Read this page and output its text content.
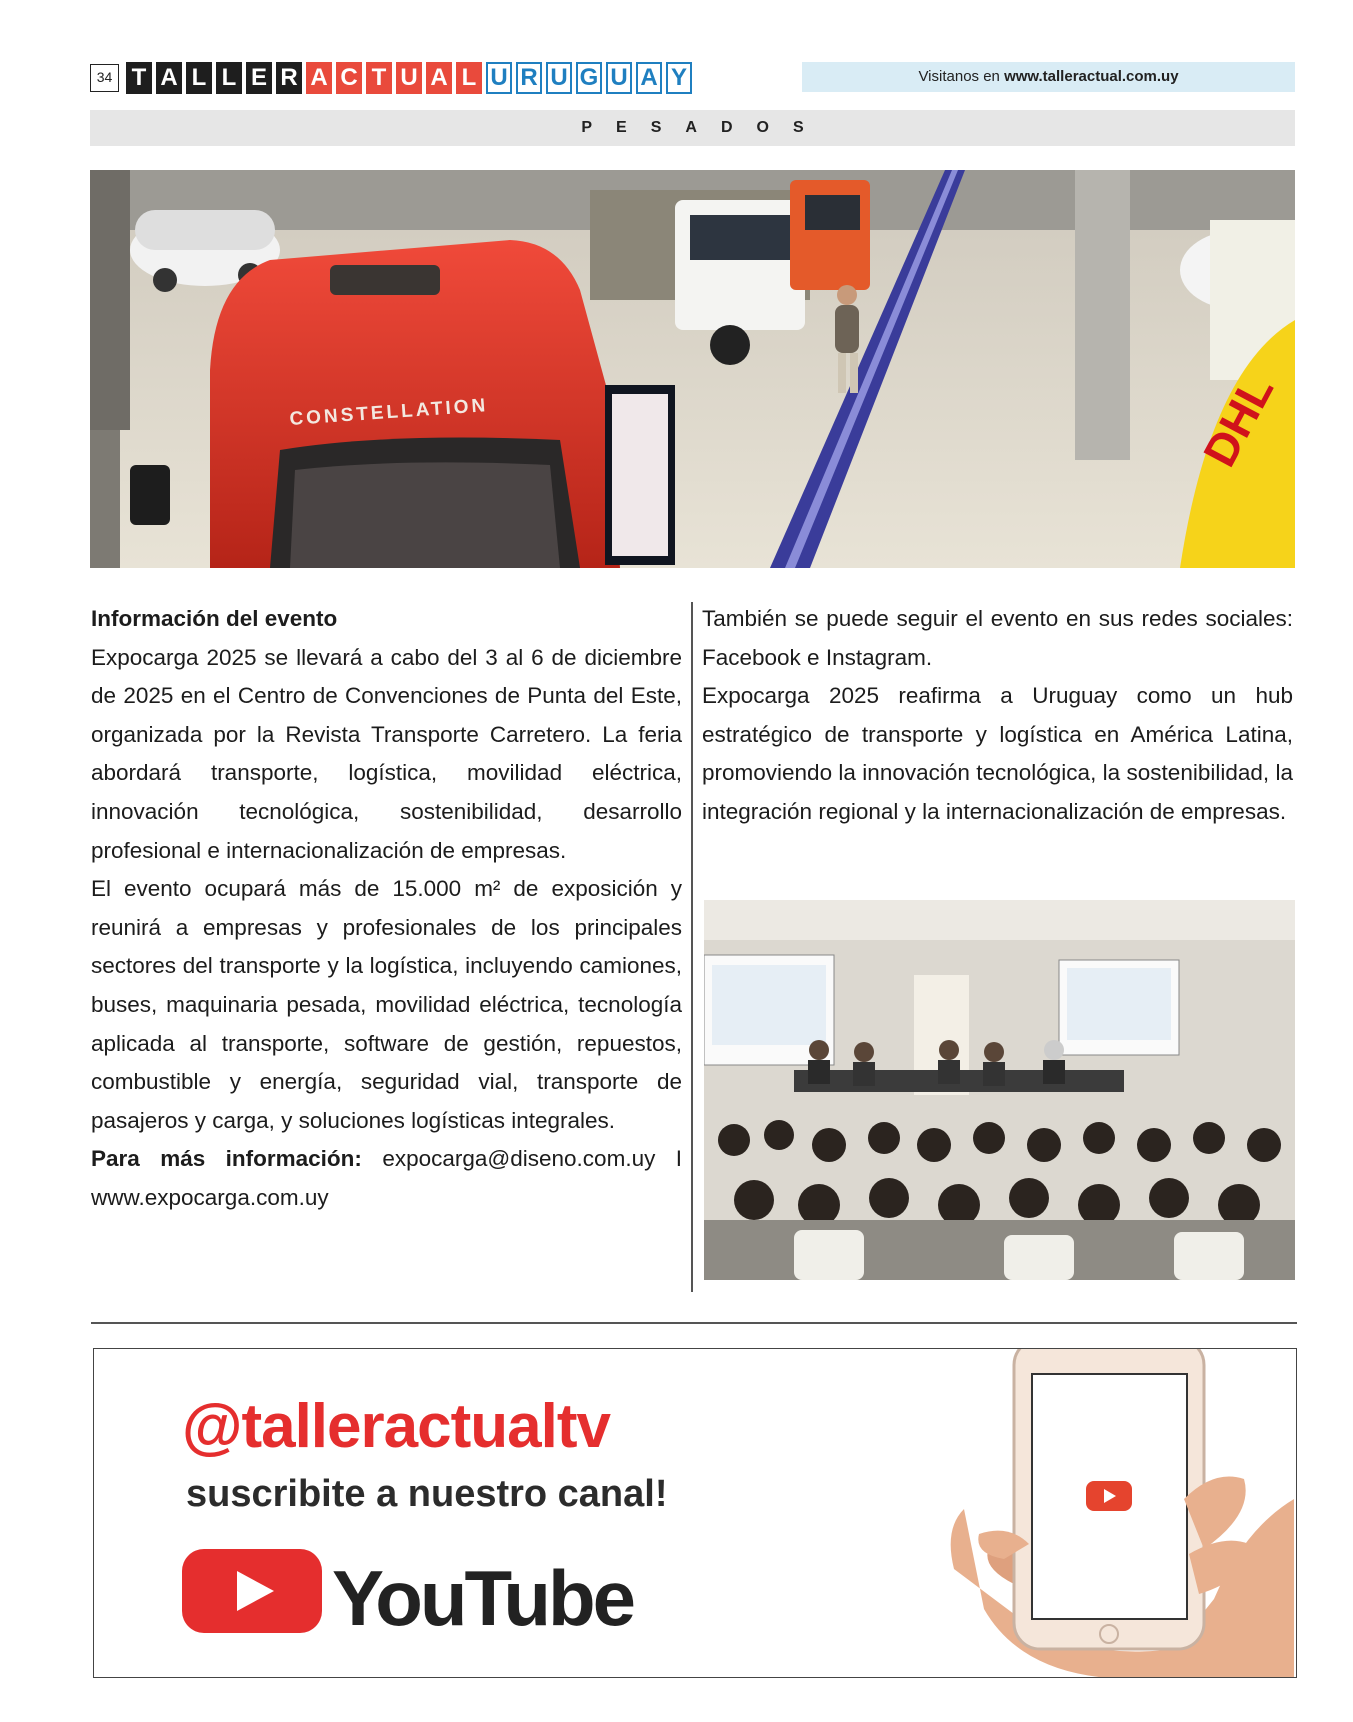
34 T A L L E R A C T U A L U R U G U A Y	Visitanos en www.talleractual.com.uy
PESADOS
DHL
CONSTELLATION

Información del evento

Expocarga 2025 se llevará a cabo del 3 al 6 de diciembre de 2025 en el Centro de Convenciones de Punta del Este, organizada por la Revista Transporte Carretero. La feria abordará transporte, logística, movilidad eléctrica, innovación tecnológica, sostenibilidad, desarrollo profesional e internacionalización de empresas.

El evento ocupará más de 15.000 m² de exposición y reunirá a empresas y profesionales de los principales sectores del transporte y la logística, incluyendo camiones, buses, maquinaria pesada, movilidad eléctrica, tecnología aplicada al transporte, software de gestión, repuestos, combustible y energía, seguridad vial, transporte de pasajeros y carga, y soluciones logísticas integrales.

Para más información: expocarga@diseno.com.uy I www.expocarga.com.uy

También se puede seguir el evento en sus redes sociales: Facebook e Instagram.

Expocarga 2025 reafirma a Uruguay como un hub estratégico de transporte y logística en América Latina, promoviendo la innovación tecnológica, la sostenibilidad, la integración regional y la internacionalización de empresas.

@talleractualtv
suscribite a nuestro canal!
YouTube
